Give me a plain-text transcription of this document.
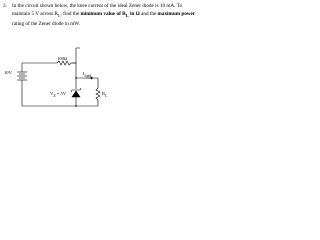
3. In the circuit shown below, the knee current of the ideal Zener diode is 10 mA. To
maintain 5 V across $R_L$, find the minimum value of $R_L$ in Ω and the maximum power
rating of the Zener diode in mW.
100Ω
10V	$I_{load}$
$V_Z = 5V$	$R_L$
